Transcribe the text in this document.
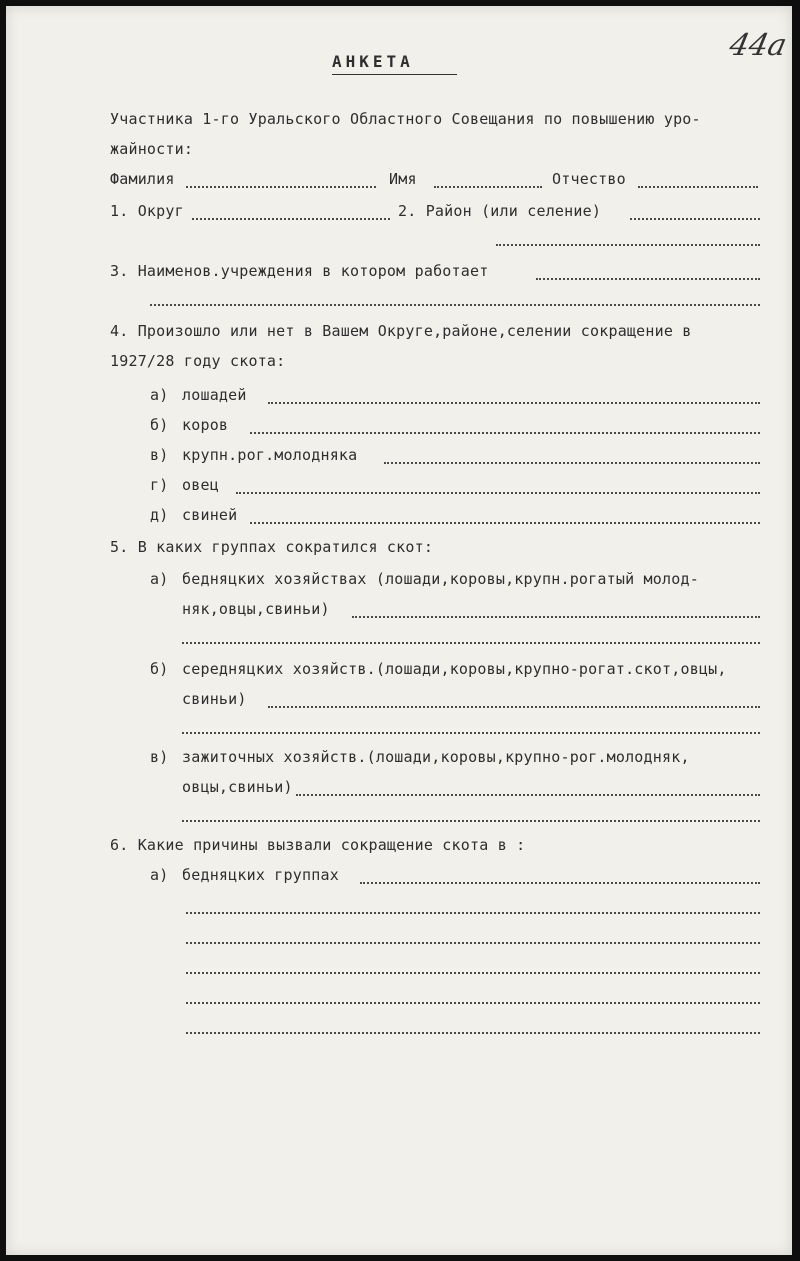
44a
АНКЕТА
Участника 1-го Уральского Областного Совещания по повышению уро-
жайности:
Фамилия	Имя	Отчество
1. Округ	2. Район (или селение)
3. Наименов.учреждения в котором работает
4. Произошло или нет в Вашем Округе,районе,селении сокращение в
1927/28 году скота:
а) лошадей
б) коров
в) крупн.рог.молодняка
г) овец
д) свиней
5. В каких группах сократился скот:
а) бедняцких хозяйствах (лошади,коровы,крупн.рогатый молод-
няк,овцы,свиньи)
б) середняцких хозяйств.(лошади,коровы,крупно-рогат.скот,овцы,
свиньи)
в) зажиточных хозяйств.(лошади,коровы,крупно-рог.молодняк,
овцы,свиньи)
6. Какие причины вызвали сокращение скота в :
а) бедняцких группах
